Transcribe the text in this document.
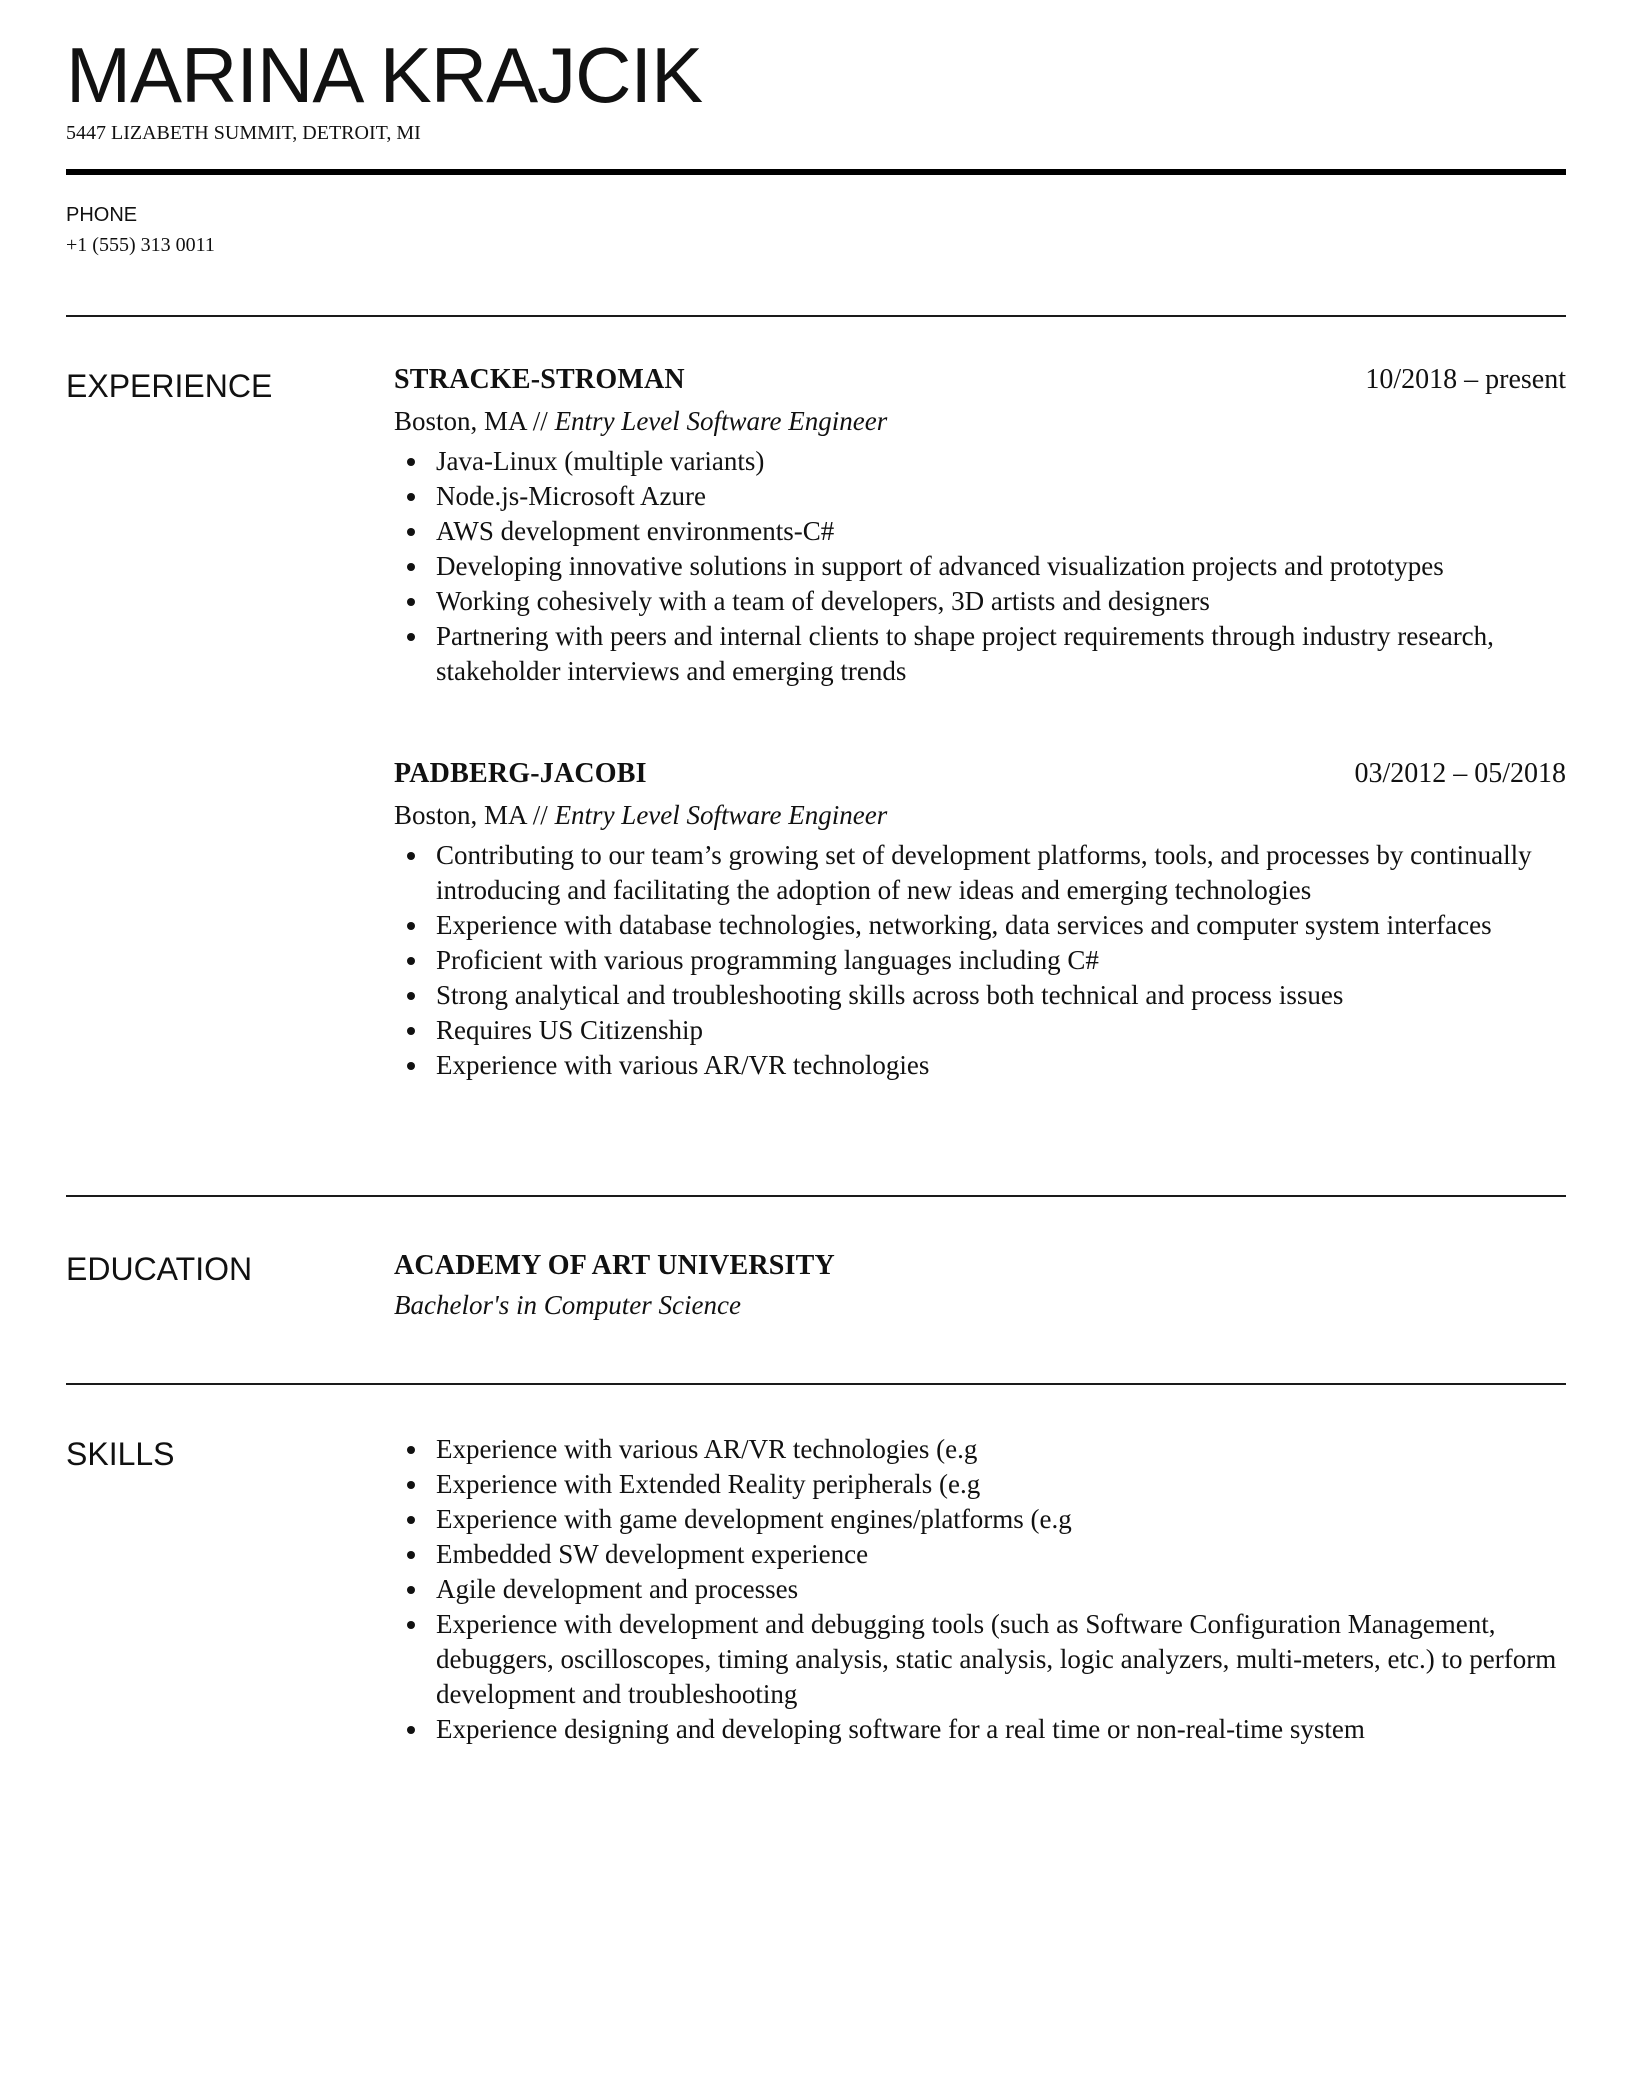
MARINA KRAJCIK
5447 LIZABETH SUMMIT, DETROIT, MI
PHONE
+1 (555) 313 0011
EXPERIENCE	STRACKE-STROMAN	10/2018 – present
Boston, MA // Entry Level Software Engineer
Java-Linux (multiple variants)
Node.js-Microsoft Azure
AWS development environments-C#
Developing innovative solutions in support of advanced visualization projects and prototypes
Working cohesively with a team of developers, 3D artists and designers
Partnering with peers and internal clients to shape project requirements through industry research, stakeholder interviews and emerging trends
PADBERG-JACOBI	03/2012 – 05/2018
Boston, MA // Entry Level Software Engineer
Contributing to our team’s growing set of development platforms, tools, and processes by continually introducing and facilitating the adoption of new ideas and emerging technologies
Experience with database technologies, networking, data services and computer system interfaces
Proficient with various programming languages including C#
Strong analytical and troubleshooting skills across both technical and process issues
Requires US Citizenship
Experience with various AR/VR technologies
EDUCATION	ACADEMY OF ART UNIVERSITY
Bachelor's in Computer Science
SKILLS	Experience with various AR/VR technologies (e.g
Experience with Extended Reality peripherals (e.g
Experience with game development engines/platforms (e.g
Embedded SW development experience
Agile development and processes
Experience with development and debugging tools (such as Software Configuration Management, debuggers, oscilloscopes, timing analysis, static analysis, logic analyzers, multi-meters, etc.) to perform development and troubleshooting
Experience designing and developing software for a real time or non-real-time system
